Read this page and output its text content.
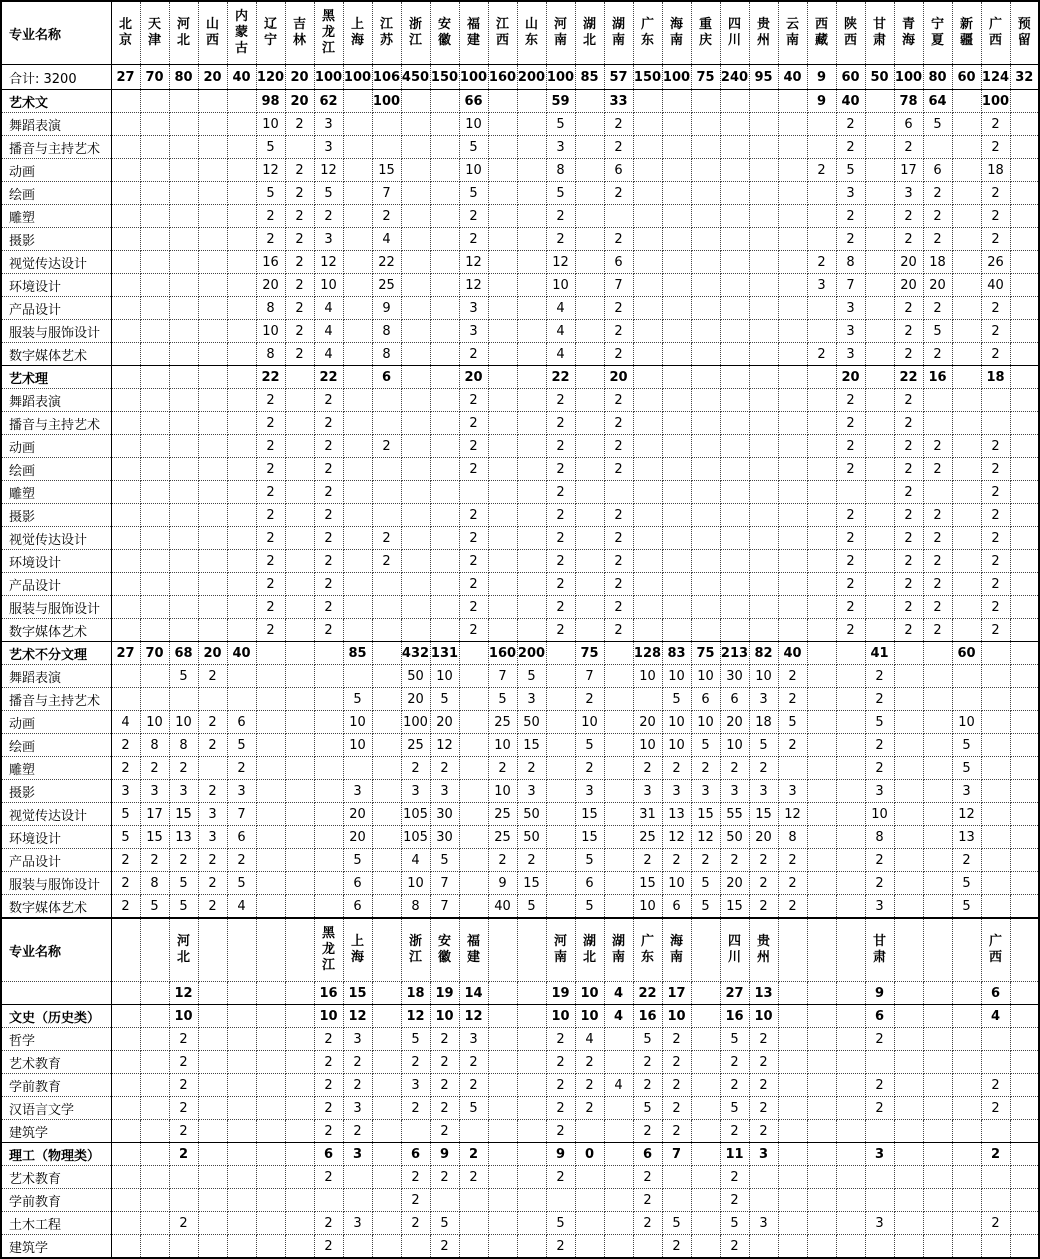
专业名称	北京	天津	河北	山西	内蒙古	辽宁	吉林	黑龙江	上海	江苏	浙江	安徽	福建	江西	山东	河南	湖北	湖南	广东	海南	重庆	四川	贵州	云南	西藏	陕西	甘肃	青海	宁夏	新疆	广西	预留
合计: 3200	27	70	80	20	40	120	20	100	100	106	450	150	100	160	200	100	85	57	150	100	75	240	95	40	9	60	50	100	80	60	124	32
艺术文						98	20	62		100			66			59		33							9	40		78	64		100	
舞蹈表演						10	2	3					10			5		2								2		6	5		2	
播音与主持艺术						5		3					5			3		2								2		2			2	
动画						12	2	12		15			10			8		6							2	5		17	6		18	
绘画						5	2	5		7			5			5		2								3		3	2		2	
雕塑						2	2	2		2			2			2										2		2	2		2	
摄影						2	2	3		4			2			2		2								2		2	2		2	
视觉传达设计						16	2	12		22			12			12		6							2	8		20	18		26	
环境设计						20	2	10		25			12			10		7							3	7		20	20		40	
产品设计						8	2	4		9			3			4		2								3		2	2		2	
服装与服饰设计						10	2	4		8			3			4		2								3		2	5		2	
数字媒体艺术						8	2	4		8			2			4		2							2	3		2	2		2	
艺术理						22		22		6			20			22		20								20		22	16		18	
舞蹈表演						2		2					2			2		2								2		2				
播音与主持艺术						2		2					2			2		2								2		2				
动画						2		2		2			2			2		2								2		2	2		2	
绘画						2		2					2			2		2								2		2	2		2	
雕塑						2		2								2												2			2	
摄影						2		2					2			2		2								2		2	2		2	
视觉传达设计						2		2		2			2			2		2								2		2	2		2	
环境设计						2		2		2			2			2		2								2		2	2		2	
产品设计						2		2					2			2		2								2		2	2		2	
服装与服饰设计						2		2					2			2		2								2		2	2		2	
数字媒体艺术						2		2					2			2		2								2		2	2		2	
艺术不分文理	27	70	68	20	40				85		432	131		160	200		75		128	83	75	213	82	40			41			60		
舞蹈表演			5	2							50	10		7	5		7		10	10	10	30	10	2			2					
播音与主持艺术									5		20	5		5	3		2			5	6	6	3	2			2					
动画	4	10	10	2	6				10		100	20		25	50		10		20	10	10	20	18	5			5			10		
绘画	2	8	8	2	5				10		25	12		10	15		5		10	10	5	10	5	2			2			5		
雕塑	2	2	2		2						2	2		2	2		2		2	2	2	2	2				2			5		
摄影	3	3	3	2	3				3		3	3		10	3		3		3	3	3	3	3	3			3			3		
视觉传达设计	5	17	15	3	7				20		105	30		25	50		15		31	13	15	55	15	12			10			12		
环境设计	5	15	13	3	6				20		105	30		25	50		15		25	12	12	50	20	8			8			13		
产品设计	2	2	2	2	2				5		4	5		2	2		5		2	2	2	2	2	2			2			2		
服装与服饰设计	2	8	5	2	5				6		10	7		9	15		6		15	10	5	20	2	2			2			5		
数字媒体艺术	2	5	5	2	4				6		8	7		40	5		5		10	6	5	15	2	2			3			5		
专业名称			河北					黑龙江	上海		浙江	安徽	福建			河南	湖北	湖南	广东	海南		四川	贵州				甘肃				广西	
			12					16	15		18	19	14			19	10	4	22	17		27	13				9				6	
文史（历史类）			10					10	12		12	10	12			10	10	4	16	10		16	10				6				4	
哲学			2					2	3		5	2	3			2	4		5	2		5	2				2					
艺术教育			2					2	2		2	2	2			2	2		2	2		2	2									
学前教育			2					2	2		3	2	2			2	2	4	2	2		2	2				2				2	
汉语言文学			2					2	3		2	2	5			2	2		5	2		5	2				2				2	
建筑学			2					2	2			2				2			2	2		2	2									
理工（物理类）			2					6	3		6	9	2			9	0		6	7		11	3				3				2	
艺术教育								2			2	2	2			2			2			2										
学前教育											2								2			2										
土木工程			2					2	3		2	5				5			2	5		5	3				3				2	
建筑学								2				2				2				2		2										
